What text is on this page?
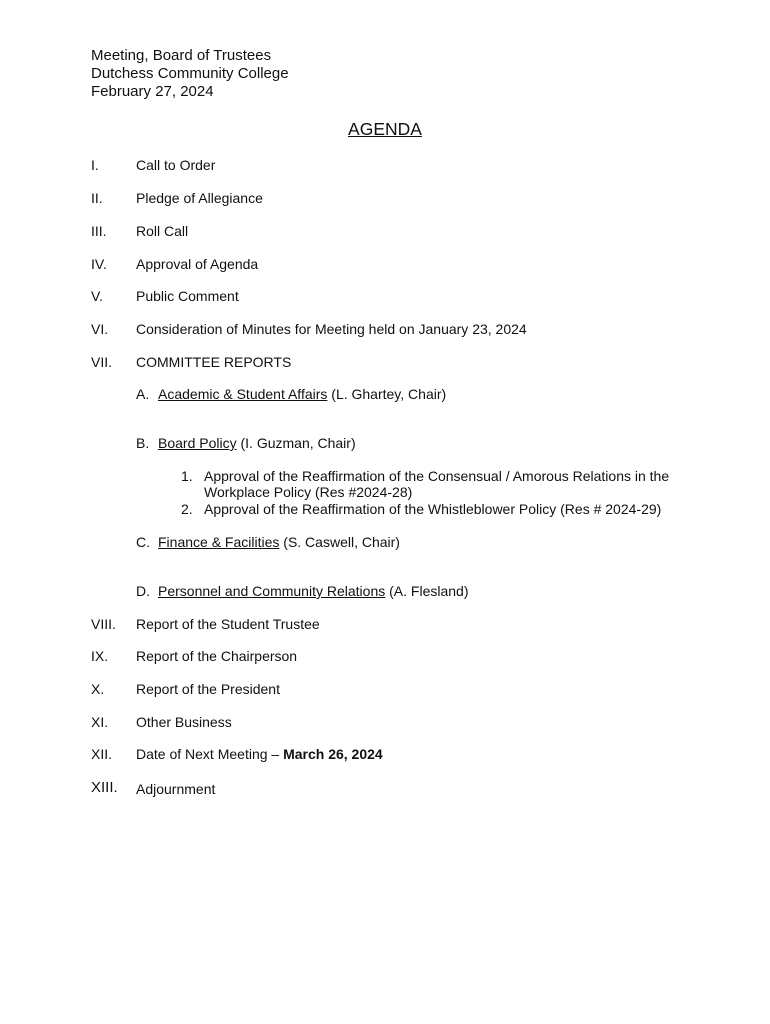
Meeting, Board of Trustees
Dutchess Community College
February 27, 2024
AGENDA
I.	Call to Order
II. Pledge of Allegiance
III. Roll Call
IV. Approval of Agenda
V. Public Comment
VI. Consideration of Minutes for Meeting held on January 23, 2024
VII. COMMITTEE REPORTS
A. Academic & Student Affairs (L. Ghartey, Chair)
B. Board Policy (I. Guzman, Chair)
1. Approval of the Reaffirmation of the Consensual / Amorous Relations in the Workplace Policy (Res #2024-28)
2. Approval of the Reaffirmation of the Whistleblower Policy (Res # 2024-29)
C. Finance & Facilities (S. Caswell, Chair)
D. Personnel and Community Relations (A. Flesland)
VIII. Report of the Student Trustee
IX. Report of the Chairperson
X. Report of the President
XI. Other Business
XII. Date of Next Meeting – March 26, 2024
XIII. Adjournment
